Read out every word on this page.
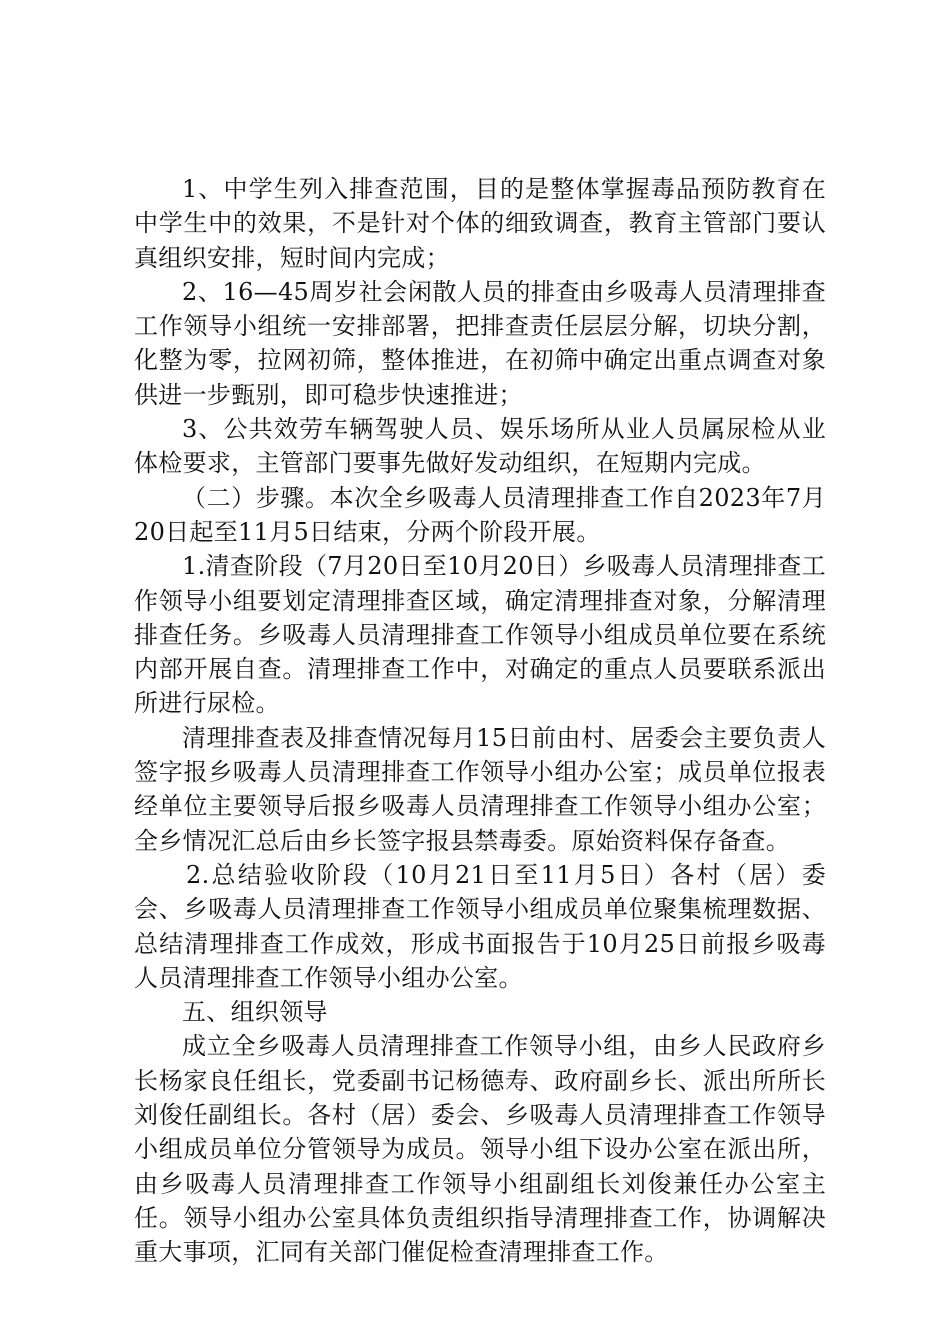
1、中学生列入排查范围，目的是整体掌握毒品预防教育在中学生中的效果，不是针对个体的细致调查，教育主管部门要认真组织安排，短时间内完成；

2、16—45周岁社会闲散人员的排查由乡吸毒人员清理排查工作领导小组统一安排部署，把排查责任层层分解，切块分割，化整为零，拉网初筛，整体推进，在初筛中确定出重点调查对象供进一步甄别，即可稳步快速推进；

3、公共效劳车辆驾驶人员、娱乐场所从业人员属尿检从业体检要求，主管部门要事先做好发动组织，在短期内完成。

（二）步骤。本次全乡吸毒人员清理排查工作自2023年7月20日起至11月5日结束，分两个阶段开展。

1.清查阶段（7月20日至10月20日）乡吸毒人员清理排查工作领导小组要划定清理排查区域，确定清理排查对象，分解清理排查任务。乡吸毒人员清理排查工作领导小组成员单位要在系统内部开展自查。清理排查工作中，对确定的重点人员要联系派出所进行尿检。

清理排查表及排查情况每月15日前由村、居委会主要负责人签字报乡吸毒人员清理排查工作领导小组办公室；成员单位报表经单位主要领导后报乡吸毒人员清理排查工作领导小组办公室；全乡情况汇总后由乡长签字报县禁毒委。原始资料保存备查。

2.总结验收阶段（10月21日至11月5日）各村（居）委会、乡吸毒人员清理排查工作领导小组成员单位聚集梳理数据、总结清理排查工作成效，形成书面报告于10月25日前报乡吸毒人员清理排查工作领导小组办公室。

五、组织领导

成立全乡吸毒人员清理排查工作领导小组，由乡人民政府乡长杨家良任组长，党委副书记杨德寿、政府副乡长、派出所所长刘俊任副组长。各村（居）委会、乡吸毒人员清理排查工作领导小组成员单位分管领导为成员。领导小组下设办公室在派出所，由乡吸毒人员清理排查工作领导小组副组长刘俊兼任办公室主任。领导小组办公室具体负责组织指导清理排查工作，协调解决重大事项，汇同有关部门催促检查清理排查工作。
